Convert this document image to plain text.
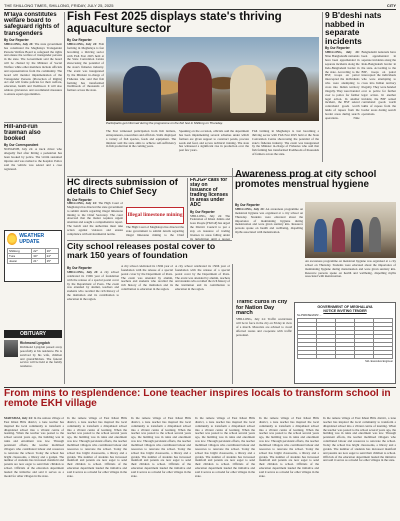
THE SHILLONG TIMES, SHILLONG, FRIDAY, JULY 25, 2025	CITY
M'laya constitutes welfare board to safeguard rights of transgenders
By Our Reporter
SHILLONG, July 24: The state government has constituted the Meghalaya Transgender Persons Welfare Board to safeguard the rights and ensure the welfare of transgender persons in the state. The Government said the board will be chaired by the Minister of Social Welfare while other members include officials and representatives from the community. The board will monitor implementation of the Transgender Persons (Protection of Rights) Act and will frame policies for their welfare, education, health and livelihood. It will also address grievances and recommend measures to ensure equal opportunities.
Hill-and-run trawnan also booked
By Our Correspondent
NONGPOH, July 24: A truck driver who allegedly fled after hitting a pedestrian has been booked by police. The victim sustained injuries and was rushed to the hospital. Police said the vehicle was seized and a case registered.
WEATHER UPDATE
Shillong	22°	16°
Tura	30°	24°
Jowai	21°	15°
OBITUARY
Richmond Lyngdoh
Richmond Lyngdoh passed away peacefully at his residence. He is survived by his wife, children and grandchildren. The funeral service will be held at the family residence.
Fish Fest 2025 displays state's thriving aquaculture sector
Participants get informed during the programme on the fish fest in Shillong on Thursday.
By Our Reporter
SHILLONG, July 24: Fish farming in Meghalaya is fast becoming a thriving sector with Fish Fest 2025 held at the State Convention Centre showcasing the potential of the state's fisheries industry. The event was inaugurated by the Minister in-charge of Fisheries who said that fish farming has transformed livelihoods of thousands of farmers across the state.
The Fest witnessed participation from fish farmers, entrepreneurs, researchers and officials. Stalls displayed a variety of fish species, feeds and equipment. The minister said the state aims to achieve self-sufficiency in fish production in the coming years.
Speaking on the occasion, officials said the department has been implementing several schemes under which farmers are given support to construct ponds, procure seeds and feed, and access technical training. The state has witnessed a significant rise in production over the past few years.
Fish farming in Meghalaya is fast becoming a thriving sector with Fish Fest 2025 held at the State Convention Centre showcasing the potential of the state's fisheries industry. The event was inaugurated by the Minister in-charge of Fisheries who said that fish farming has transformed livelihoods of thousands of farmers across the state.
9 B'deshi nats nabbed in separate incidents
By Our Reporter
SHILLONG, July 24: Nine Bangladeshi nationals have been apprehended in separate incidents along the Indo-Bangladesh border in the state. According to the BSF, troops on patrol intercepted the individuals who were attempting to cross into Indian territory illegally. They were handed over to police for further legal action. In another incident, the BSF seized contraband goods worth lakhs of rupees from the border areas during search operations.	Nine Bangladeshi nationals have been apprehended in separate incidents along the Indo-Bangladesh border in the state. According to the BSF, troops on patrol intercepted the individuals who were attempting to cross into Indian territory illegally. They were handed over to police for further legal action. In another incident, the BSF seized contraband goods worth lakhs of rupees from the border areas during search operations.
HC directs submission of details to Chief Secy
By Our Reporter
SHILLONG, July 24: The High Court of Meghalaya has directed the state government to submit details regarding illegal limestone mining to the Chief Secretary. The court observed that the matter requires urgent attention and sought a comprehensive report. The bench said the authorities must take action against violators and ensure compliance with environmental norms.
Illegal limestone mining
The High Court of Meghalaya has directed the state government to submit details regarding illegal limestone mining to the Chief
FKJGP calls for stay on issuance of trading licenses in areas under ADC
By Our Reporter
SHILLONG, July 24: The Federation of Khasi Jaintia and Garo People (FKJGP) has urged the District Council to put a stay on issuance of trading licenses in areas falling under its jurisdiction until a proper
Awareness prog at city school promotes menstrual hygiene
By Our Reporter
SHILLONG, July 24: An awareness programme on menstrual hygiene was organised at a city school on Thursday. Students were educated about the importance of maintaining hygiene during menstruation and were given sanitary kits. Resource persons spoke on health and wellbeing, dispelling myths associated with menstruation.
An awareness programme on menstrual hygiene was organised at a city school on Thursday. Students were educated about the importance of maintaining hygiene during menstruation and were given sanitary kits. Resource persons spoke on health and wellbeing, dispelling myths associated with menstruation.
City school releases postal cover to mark 150 years of foundation
By Our Reporter
SHILLONG, July 24: A city school celebrated its 150th year of foundation with the release of a special postal cover by the Department of Posts. The event was attended by alumni, teachers and students who recalled the rich history of the institution and its contribution to education in the region.
A city school celebrated its 150th year of foundation with the release of a special postal cover by the Department of Posts. The event was attended by alumni, teachers and students who recalled the rich history of the institution and its contribution to education in the region.
A city school celebrated its 150th year of foundation with the release of a special postal cover by the Department of Posts. The event was attended by alumni, teachers and students who recalled the rich history of the institution and its contribution to education in the region.
Traffic curbs in city for Nation Day march
SHILLONG, July 24: Traffic restrictions will be in force in the city on Friday in view of a march. Motorists are advised to avoid affected routes and cooperate with traffic personnel.
GOVERNMENT OF MEGHALAYA
NOTICE INVITING TENDER
No.PWD/SE/2025/ ...

Sd/- Executive Engineer
From mins to resplendence: Lone teacher inspires locals to transform school in remote EKH village
MAWSMAI, July 24: In the remote village of East Khasi Hills district, a lone teacher has inspired the local community to transform a dilapidated school into a vibrant centre of learning. When the teacher was posted to the school several years ago, the building was in ruins and enrolment was low. Through persistent efforts, the teacher mobilised villagers who contributed labour and resources to renovate the school. Today the school has bright classrooms, a library and a garden. The number of students has increased manifold and parents are now eager to send their children to school. Officials of the education department lauded the initiative and said it serves as a model for other villages in the state.
In the remote village of East Khasi Hills district, a lone teacher has inspired the local community to transform a dilapidated school into a vibrant centre of learning. When the teacher was posted to the school several years ago, the building was in ruins and enrolment was low. Through persistent efforts, the teacher mobilised villagers who contributed labour and resources to renovate the school. Today the school has bright classrooms, a library and a garden. The number of students has increased manifold and parents are now eager to send their children to school. Officials of the education department lauded the initiative and said it serves as a model for other villages in the state.
In the remote village of East Khasi Hills district, a lone teacher has inspired the local community to transform a dilapidated school into a vibrant centre of learning. When the teacher was posted to the school several years ago, the building was in ruins and enrolment was low. Through persistent efforts, the teacher mobilised villagers who contributed labour and resources to renovate the school. Today the school has bright classrooms, a library and a garden. The number of students has increased manifold and parents are now eager to send their children to school. Officials of the education department lauded the initiative and said it serves as a model for other villages in the state.
In the remote village of East Khasi Hills district, a lone teacher has inspired the local community to transform a dilapidated school into a vibrant centre of learning. When the teacher was posted to the school several years ago, the building was in ruins and enrolment was low. Through persistent efforts, the teacher mobilised villagers who contributed labour and resources to renovate the school. Today the school has bright classrooms, a library and a garden. The number of students has increased manifold and parents are now eager to send their children to school. Officials of the education department lauded the initiative and said it serves as a model for other villages in the state.
In the remote village of East Khasi Hills district, a lone teacher has inspired the local community to transform a dilapidated school into a vibrant centre of learning. When the teacher was posted to the school several years ago, the building was in ruins and enrolment was low. Through persistent efforts, the teacher mobilised villagers who contributed labour and resources to renovate the school. Today the school has bright classrooms, a library and a garden. The number of students has increased manifold and parents are now eager to send their children to school. Officials of the education department lauded the initiative and said it serves as a model for other villages in the state.
In the remote village of East Khasi Hills district, a lone teacher has inspired the local community to transform a dilapidated school into a vibrant centre of learning. When the teacher was posted to the school several years ago, the building was in ruins and enrolment was low. Through persistent efforts, the teacher mobilised villagers who contributed labour and resources to renovate the school. Today the school has bright classrooms, a library and a garden. The number of students has increased manifold and parents are now eager to send their children to school. Officials of the education department lauded the initiative and said it serves as a model for other villages in the state.
